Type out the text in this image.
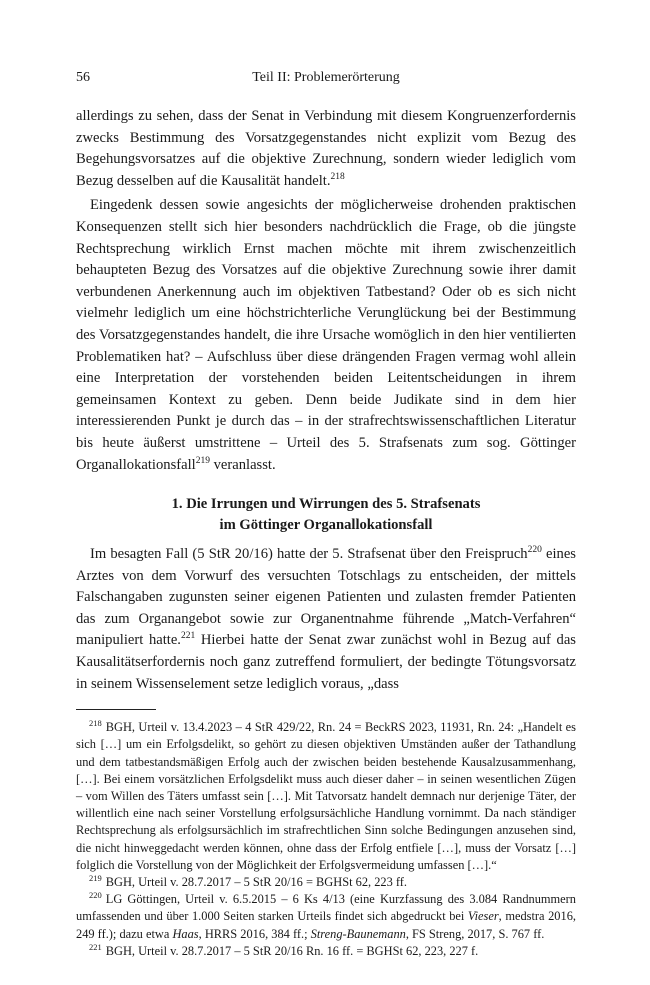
56	Teil II: Problemerörterung

allerdings zu sehen, dass der Senat in Verbindung mit diesem Kongruenzerfordernis zwecks Bestimmung des Vorsatzgegenstandes nicht explizit vom Bezug des Begehungsvorsatzes auf die objektive Zurechnung, sondern wieder lediglich vom Bezug desselben auf die Kausalität handelt.$^{218}$

Eingedenk dessen sowie angesichts der möglicherweise drohenden praktischen Konsequenzen stellt sich hier besonders nachdrücklich die Frage, ob die jüngste Rechtsprechung wirklich Ernst machen möchte mit ihrem zwischenzeitlich behaupteten Bezug des Vorsatzes auf die objektive Zurechnung sowie ihrer damit verbundenen Anerkennung auch im objektiven Tatbestand? Oder ob es sich nicht vielmehr lediglich um eine höchstrichterliche Verunglückung bei der Bestimmung des Vorsatzgegenstandes handelt, die ihre Ursache womöglich in den hier ventilierten Problematiken hat? – Aufschluss über diese drängenden Fragen vermag wohl allein eine Interpretation der vorstehenden beiden Leitentscheidungen in ihrem gemeinsamen Kontext zu geben. Denn beide Judikate sind in dem hier interessierenden Punkt je durch das – in der strafrechtswissenschaftlichen Literatur bis heute äußerst umstrittene – Urteil des 5. Strafsenats zum sog. Göttinger Organallokationsfall$^{219}$ veranlasst.

1. Die Irrungen und Wirrungen des 5. Strafsenats
im Göttinger Organallokationsfall

Im besagten Fall (5 StR 20/16) hatte der 5. Strafsenat über den Freispruch$^{220}$ eines Arztes von dem Vorwurf des versuchten Totschlags zu entscheiden, der mittels Falschangaben zugunsten seiner eigenen Patienten und zulasten fremder Patienten das zum Organangebot sowie zur Organentnahme führende „Match-Verfahren“ manipuliert hatte.$^{221}$ Hierbei hatte der Senat zwar zunächst wohl in Bezug auf das Kausalitätserfordernis noch ganz zutreffend formuliert, der bedingte Tötungsvorsatz in seinem Wissenselement setze lediglich voraus, „dass

$^{218}$ BGH, Urteil v. 13.4.2023 – 4 StR 429/22, Rn. 24 = BeckRS 2023, 11931, Rn. 24: „Handelt es sich […] um ein Erfolgsdelikt, so gehört zu diesen objektiven Umständen außer der Tathandlung und dem tatbestandsmäßigen Erfolg auch der zwischen beiden bestehende Kausalzusammenhang, […]. Bei einem vorsätzlichen Erfolgsdelikt muss auch dieser daher – in seinen wesentlichen Zügen – vom Willen des Täters umfasst sein […]. Mit Tatvorsatz handelt demnach nur derjenige Täter, der willentlich eine nach seiner Vorstellung erfolgsursächliche Handlung vornimmt. Da nach ständiger Rechtsprechung als erfolgsursächlich im strafrechtlichen Sinn solche Bedingungen anzusehen sind, die nicht hinweggedacht werden können, ohne dass der Erfolg entfiele […], muss der Vorsatz […] folglich die Vorstellung von der Möglichkeit der Erfolgsvermeidung umfassen […].“

$^{219}$ BGH, Urteil v. 28.7.2017 – 5 StR 20/16 = BGHSt 62, 223 ff.

$^{220}$ LG Göttingen, Urteil v. 6.5.2015 – 6 Ks 4/13 (eine Kurzfassung des 3.084 Randnummern umfassenden und über 1.000 Seiten starken Urteils findet sich abgedruckt bei Vieser, medstra 2016, 249 ff.); dazu etwa Haas, HRRS 2016, 384 ff.; Streng-Baunemann, FS Streng, 2017, S. 767 ff.

$^{221}$ BGH, Urteil v. 28.7.2017 – 5 StR 20/16 Rn. 16 ff. = BGHSt 62, 223, 227 f.
